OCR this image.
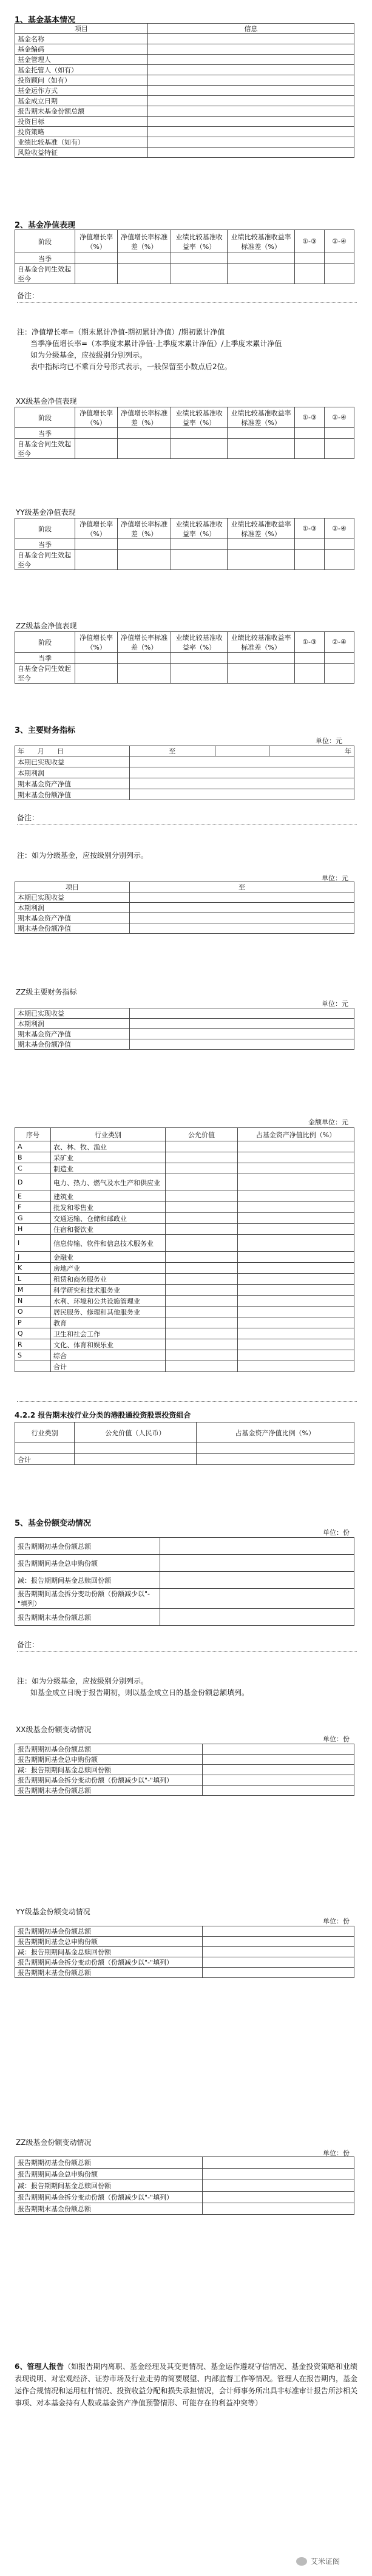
1、基金基本情况
项目	信息
基金名称	
基金编码	
基金管理人	
基金托管人（如有）	
投资顾问（如有）	
基金运作方式	
基金成立日期	
报告期末基金份额总额	
投资目标	
投资策略	
业绩比较基准（如有）	
风险收益特征	
2、基金净值表现
阶段	净值增长率（%）	净值增长率标准差（%）	业绩比较基准收益率（%）	业绩比较基准收益率标准差（%）	①-③	②-④
当季						
自基金合同生效起至今						
备注：
注：净值增长率=（期末累计净值-期初累计净值）/期初累计净值
当季净值增长率=（本季度末累计净值-上季度末累计净值）/上季度末累计净值
如为分级基金，应按级别分别列示。
表中指标均已不乘百分号形式表示，一般保留至小数点后2位。
XX级基金净值表现
阶段	净值增长率（%）	净值增长率标准差（%）	业绩比较基准收益率（%）	业绩比较基准收益率标准差（%）	①-③	②-④
当季						
自基金合同生效起至今						
YY级基金净值表现
阶段	净值增长率（%）	净值增长率标准差（%）	业绩比较基准收益率（%）	业绩比较基准收益率标准差（%）	①-③	②-④
当季						
自基金合同生效起至今						
ZZ级基金净值表现
阶段	净值增长率（%）	净值增长率标准差（%）	业绩比较基准收益率（%）	业绩比较基准收益率标准差（%）	①-③	②-④
当季						
自基金合同生效起至今						
3、主要财务指标
单位：元
年 月 日	至		年
本期已实现收益			
本期利润			
期末基金资产净值			
期末基金份额净值			
备注：
注：如为分级基金，应按级别分别列示。
单位：元
项目	至
本期已实现收益	
本期利润	
期末基金资产净值	
期末基金份额净值	
ZZ级主要财务指标
单位：元
本期已实现收益	
本期利润	
期末基金资产净值	
期末基金份额净值	
金额单位：元
序号	行业类别	公允价值	占基金资产净值比例（%）
A	农、林、牧、渔业		
B	采矿业		
C	制造业		
D	电力、热力、燃气及水生产和供应业		
E	建筑业		
F	批发和零售业		
G	交通运输、仓储和邮政业		
H	住宿和餐饮业		
I	信息传输、软件和信息技术服务业		
J	金融业		
K	房地产业		
L	租赁和商务服务业		
M	科学研究和技术服务业		
N	水利、环境和公共设施管理业		
O	居民服务、修理和其他服务业		
P	教育		
Q	卫生和社会工作		
R	文化、体育和娱乐业		
S	综合		
	合计		
4.2.2 报告期末按行业分类的港股通投资股票投资组合
行业类别	公允价值（人民币）	占基金资产净值比例（%）

合计		
5、基金份额变动情况
单位：份
报告期期初基金份额总额	
报告期期间基金总申购份额	
减：报告期期间基金总赎回份额	
报告期期间基金拆分变动份额（份额减少以"-"填列）	
报告期期末基金份额总额	
备注：
注：如为分级基金，应按级别分别列示。
如基金成立日晚于报告期初，则以基金成立日的基金份额总额填列。
XX级基金份额变动情况
单位：份
报告期期初基金份额总额	
报告期期间基金总申购份额	
减：报告期期间基金总赎回份额	
报告期期间基金拆分变动份额（份额减少以"-"填列）	
报告期期末基金份额总额	
YY级基金份额变动情况
单位：份
报告期期初基金份额总额	
报告期期间基金总申购份额	
减：报告期期间基金总赎回份额	
报告期期间基金拆分变动份额（份额减少以"-"填列）	
报告期期末基金份额总额	
ZZ级基金份额变动情况
单位：份
报告期期初基金份额总额	
报告期期间基金总申购份额	
减：报告期期间基金总赎回份额	
报告期期间基金拆分变动份额（份额减少以"-"填列）	
报告期期末基金份额总额	
6、管理人报告（如报告期内离职、基金经理及其变更情况、基金运作遵规守信情况、基金投资策略和业绩表现说明、对宏观经济、证券市场及行业走势的简要展望、内部监督工作等情况。管理人在报告期内，基金运作合规情况和运用杠杆情况、投资收益分配和损失承担情况，会计师事务所出具非标准审计报告所涉相关事项、对本基金持有人数或基金资产净值预警情形、可能存在的利益冲突等）
艾米证阁
